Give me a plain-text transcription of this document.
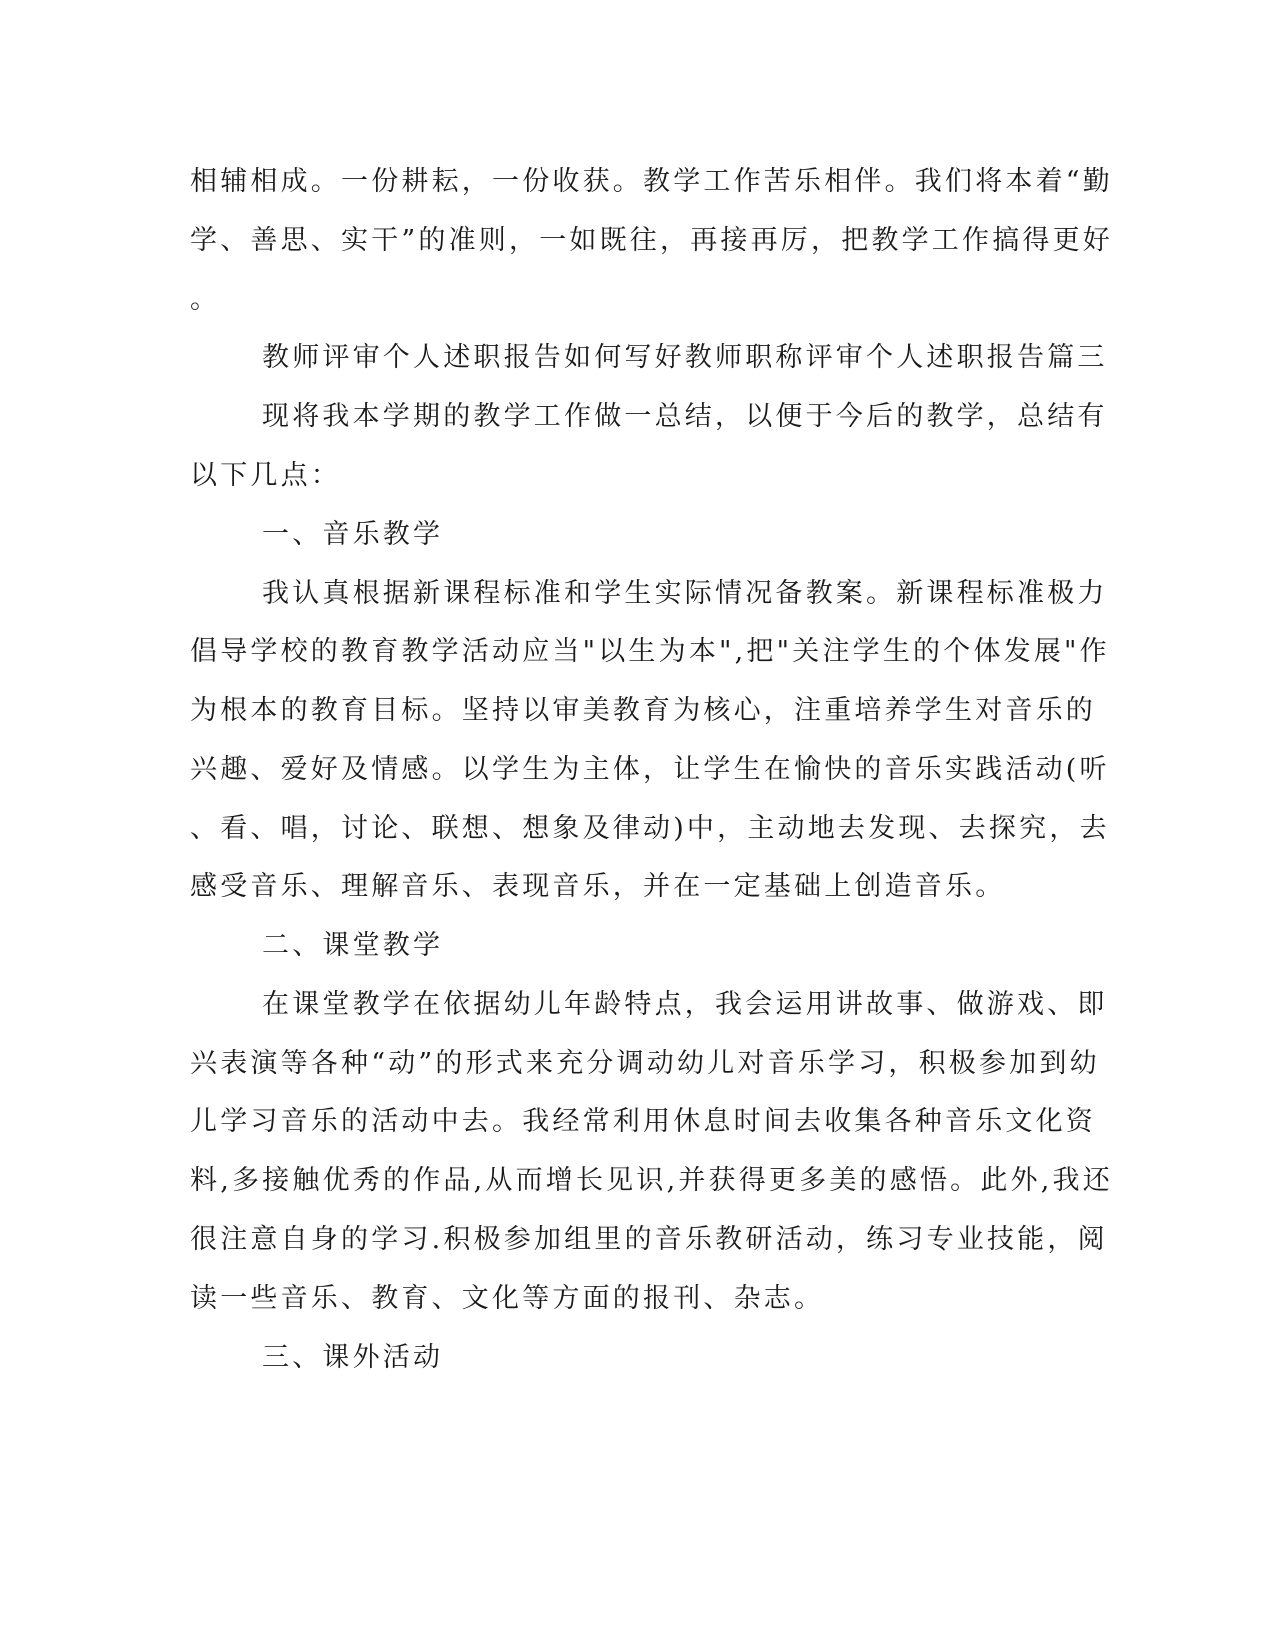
相辅相成。一份耕耘，一份收获。教学工作苦乐相伴。我们将本着“勤

学、善思、实干”的准则，一如既往，再接再厉，把教学工作搞得更好

。

教师评审个人述职报告如何写好教师职称评审个人述职报告篇三

现将我本学期的教学工作做一总结，以便于今后的教学，总结有

以下几点：

一、音乐教学

我认真根据新课程标准和学生实际情况备教案。新课程标准极力

倡导学校的教育教学活动应当"以生为本",把"关注学生的个体发展"作

为根本的教育目标。坚持以审美教育为核心，注重培养学生对音乐的

兴趣、爱好及情感。以学生为主体，让学生在愉快的音乐实践活动(听

、看、唱，讨论、联想、想象及律动)中，主动地去发现、去探究，去

感受音乐、理解音乐、表现音乐，并在一定基础上创造音乐。

二、课堂教学

在课堂教学在依据幼儿年龄特点，我会运用讲故事、做游戏、即

兴表演等各种“动”的形式来充分调动幼儿对音乐学习，积极参加到幼

儿学习音乐的活动中去。我经常利用休息时间去收集各种音乐文化资

料,多接触优秀的作品,从而增长见识,并获得更多美的感悟。此外,我还

很注意自身的学习.积极参加组里的音乐教研活动，练习专业技能，阅

读一些音乐、教育、文化等方面的报刊、杂志。

三、课外活动
